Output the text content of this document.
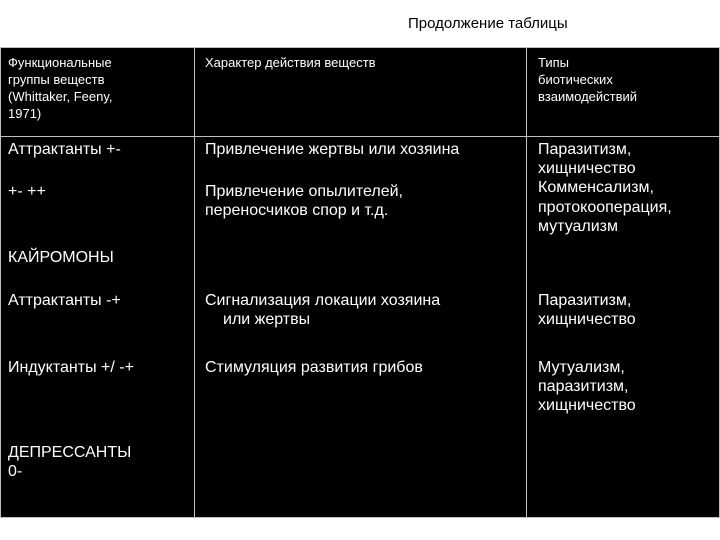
Продолжение таблицы
Функциональные
группы веществ
(Whittaker, Feeny,
1971)
Характер действия веществ	Типы
биотических
взаимодействий
Аттрактанты +-
+- ++
КАЙРОМОНЫ
Аттрактанты -+
Индуктанты +/ -+
ДЕПРЕССАНТЫ
0-
Привлечение жертвы или хозяина
Привлечение опылителей,
переносчиков спор и т.д.
Сигнализация локации хозяина
или жертвы
Стимуляция развития грибов
Паразитизм,
хищничество
Комменсализм,
протокооперация,
мутуализм
Паразитизм,
хищничество
Мутуализм,
паразитизм,
хищничество
